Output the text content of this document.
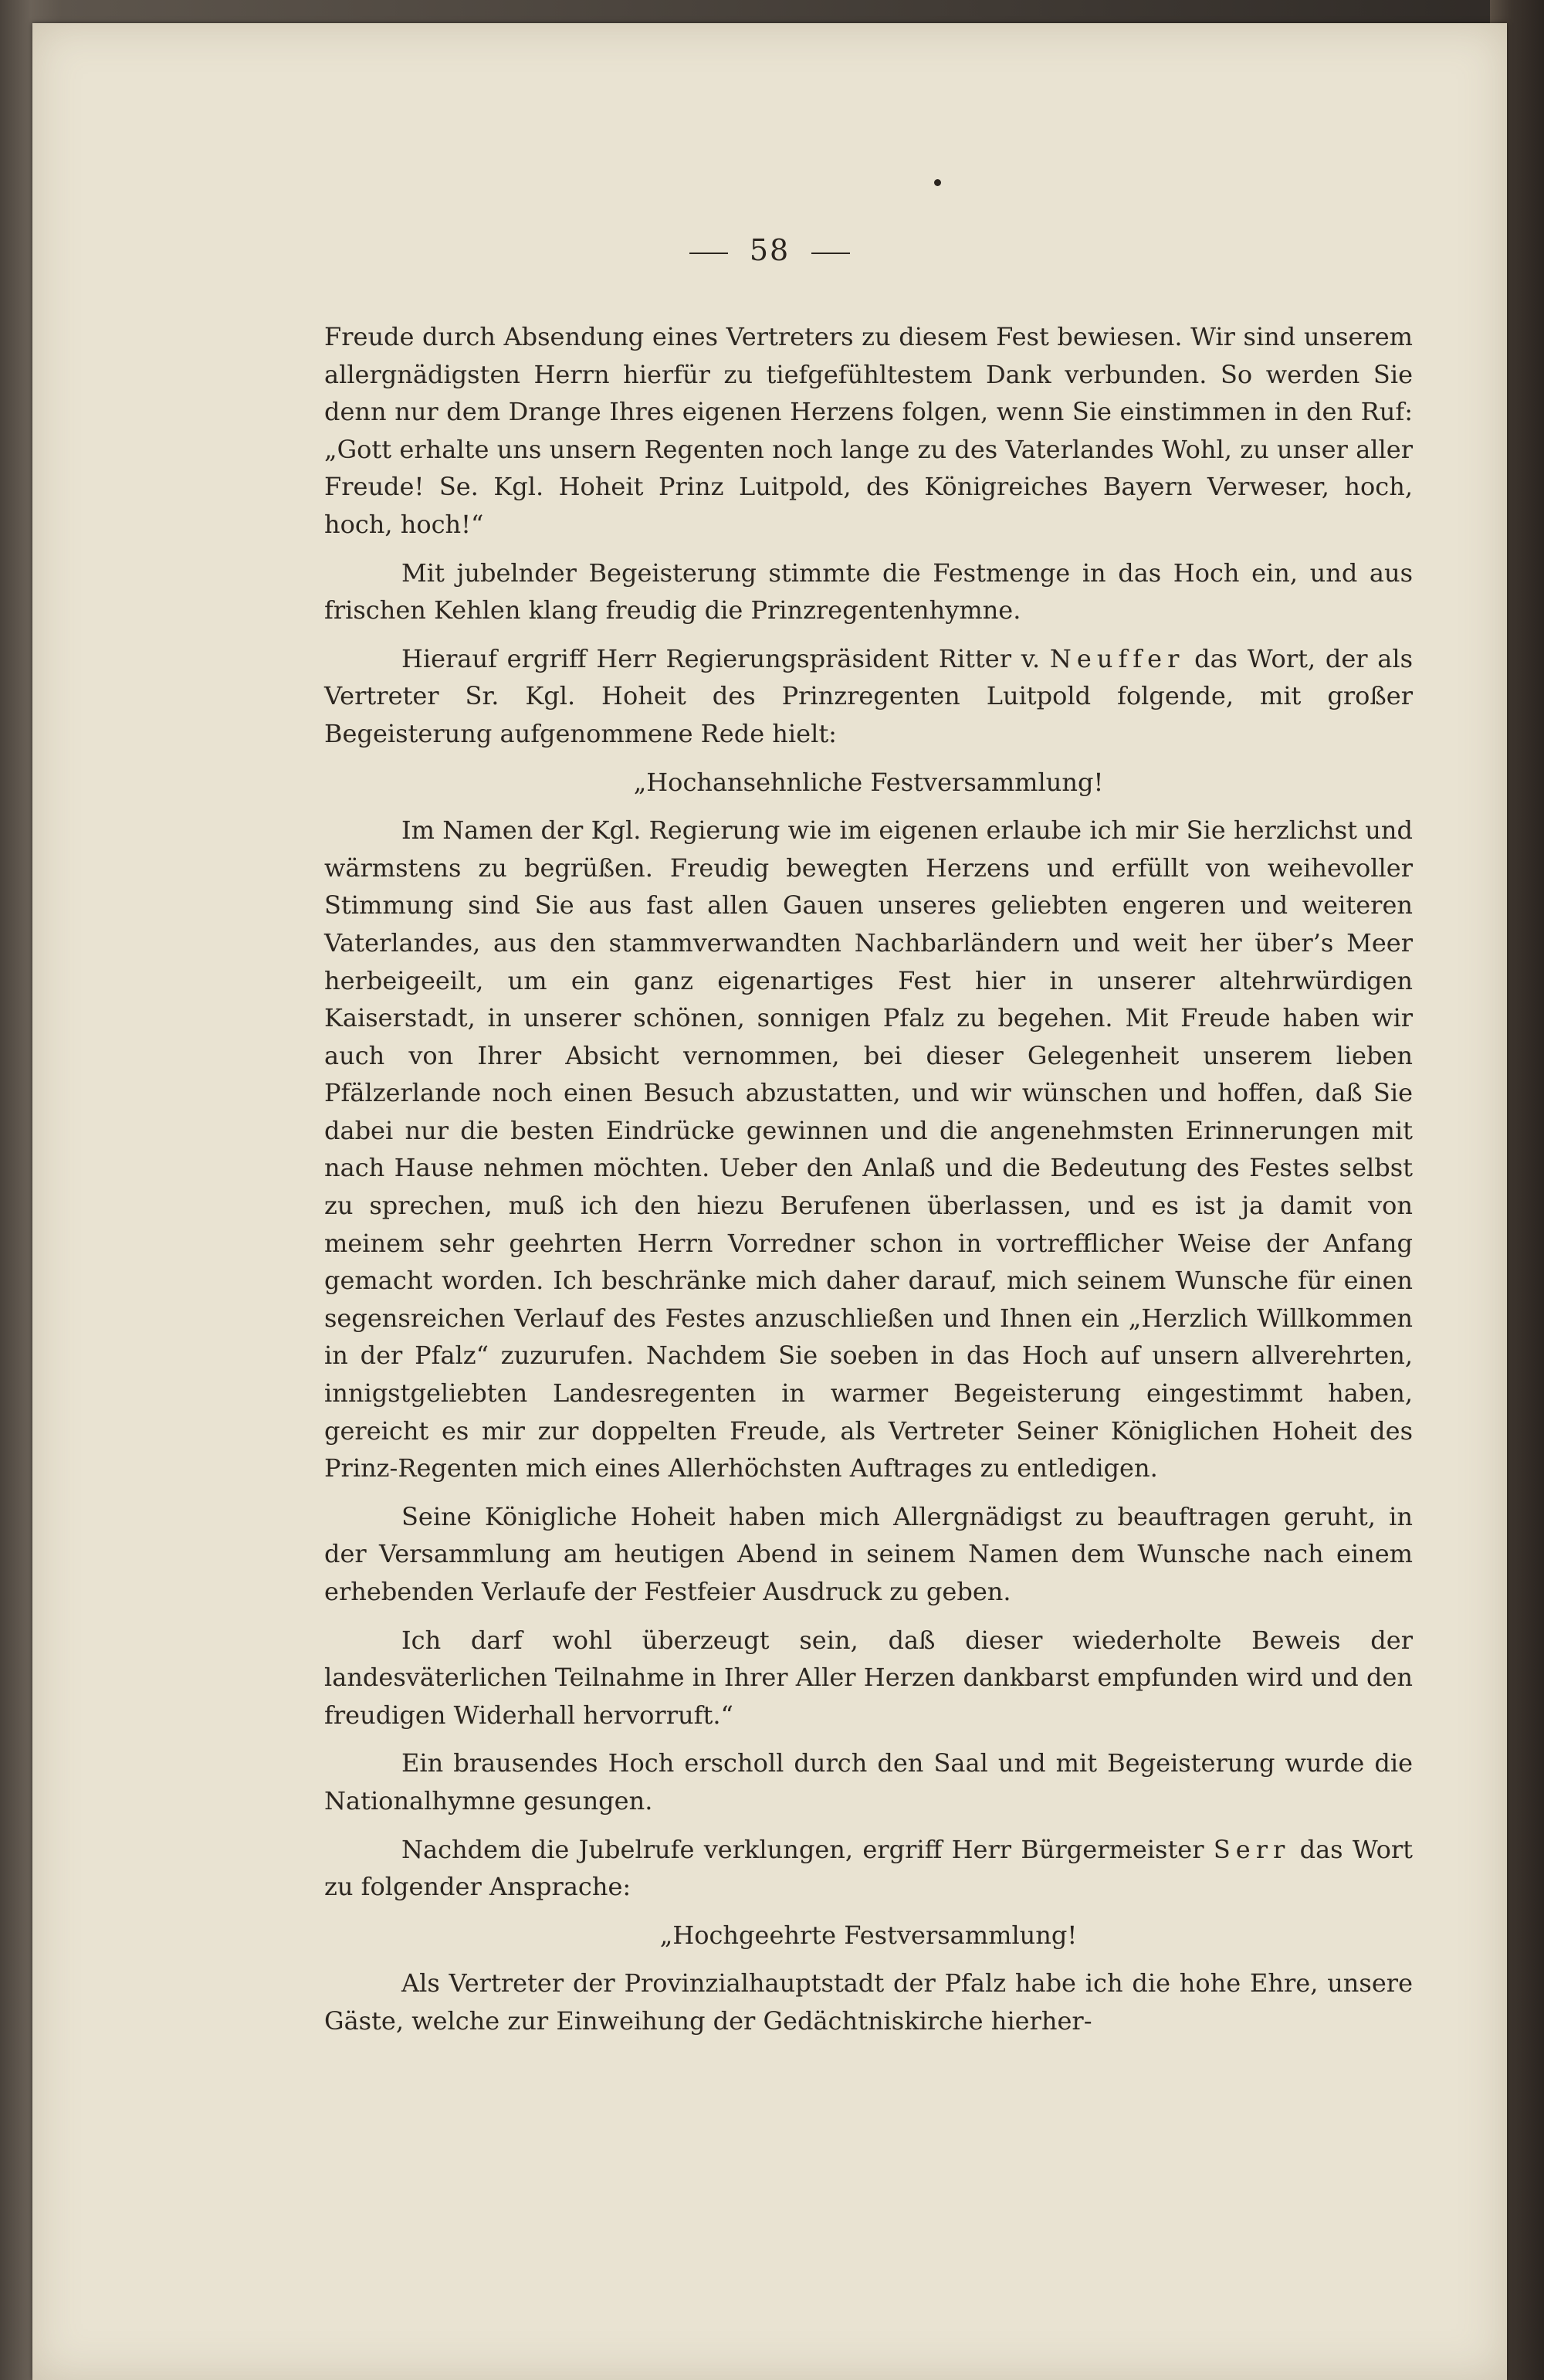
58

Freude durch Absendung eines Vertreters zu diesem Fest bewiesen. Wir sind unserem allergnädigsten Herrn hierfür zu tiefgefühltestem Dank verbunden. So werden Sie denn nur dem Drange Ihres eigenen Herzens folgen, wenn Sie einstimmen in den Ruf: „Gott erhalte uns unsern Regenten noch lange zu des Vaterlandes Wohl, zu unser aller Freude! Se. Kgl. Hoheit Prinz Luitpold, des Königreiches Bayern Verweser, hoch, hoch, hoch!“

Mit jubelnder Begeisterung stimmte die Festmenge in das Hoch ein, und aus frischen Kehlen klang freudig die Prinzregentenhymne.

Hierauf ergriff Herr Regierungspräsident Ritter v. Neuffer das Wort, der als Vertreter Sr. Kgl. Hoheit des Prinzregenten Luitpold folgende, mit großer Begeisterung aufgenommene Rede hielt:

„Hochansehnliche Festversammlung!

Im Namen der Kgl. Regierung wie im eigenen erlaube ich mir Sie herzlichst und wärmstens zu begrüßen. Freudig bewegten Herzens und erfüllt von weihevoller Stimmung sind Sie aus fast allen Gauen unseres geliebten engeren und weiteren Vaterlandes, aus den stammverwandten Nachbarländern und weit her über’s Meer herbeigeeilt, um ein ganz eigenartiges Fest hier in unserer altehrwürdigen Kaiserstadt, in unserer schönen, sonnigen Pfalz zu begehen. Mit Freude haben wir auch von Ihrer Absicht vernommen, bei dieser Gelegenheit unserem lieben Pfälzerlande noch einen Besuch abzustatten, und wir wünschen und hoffen, daß Sie dabei nur die besten Eindrücke gewinnen und die angenehmsten Erinnerungen mit nach Hause nehmen möchten. Ueber den Anlaß und die Bedeutung des Festes selbst zu sprechen, muß ich den hiezu Berufenen überlassen, und es ist ja damit von meinem sehr geehrten Herrn Vorredner schon in vortrefflicher Weise der Anfang gemacht worden. Ich beschränke mich daher darauf, mich seinem Wunsche für einen segensreichen Verlauf des Festes anzuschließen und Ihnen ein „Herzlich Willkommen in der Pfalz“ zuzurufen. Nachdem Sie soeben in das Hoch auf unsern allverehrten, innigstgeliebten Landesregenten in warmer Begeisterung eingestimmt haben, gereicht es mir zur doppelten Freude, als Vertreter Seiner Königlichen Hoheit des Prinz-Regenten mich eines Allerhöchsten Auftrages zu entledigen.

Seine Königliche Hoheit haben mich Allergnädigst zu beauftragen geruht, in der Versammlung am heutigen Abend in seinem Namen dem Wunsche nach einem erhebenden Verlaufe der Festfeier Ausdruck zu geben.

Ich darf wohl überzeugt sein, daß dieser wiederholte Beweis der landesväterlichen Teilnahme in Ihrer Aller Herzen dankbarst empfunden wird und den freudigen Widerhall hervorruft.“

Ein brausendes Hoch erscholl durch den Saal und mit Begeisterung wurde die Nationalhymne gesungen.

Nachdem die Jubelrufe verklungen, ergriff Herr Bürgermeister Serr das Wort zu folgender Ansprache:

„Hochgeehrte Festversammlung!

Als Vertreter der Provinzialhauptstadt der Pfalz habe ich die hohe Ehre, unsere Gäste, welche zur Einweihung der Gedächtniskirche hierher-
